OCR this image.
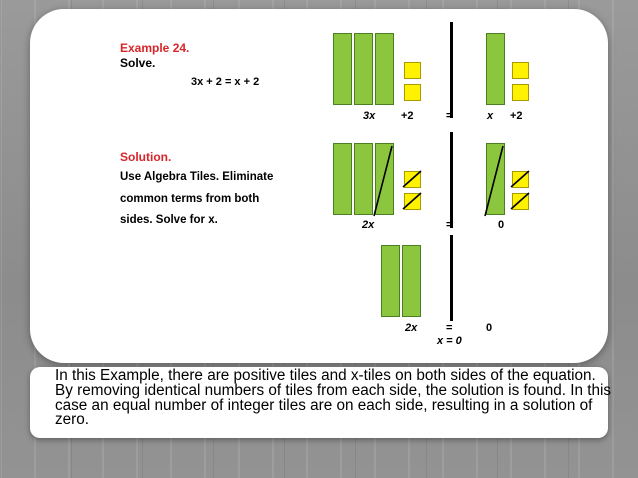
Example 24.
Solve.
3x + 2 = x + 2
Solution.
Use Algebra Tiles. Eliminate
common terms from both
sides. Solve for x.
3x +2	=	x +2
2x	=	0
2x	=	0
x = 0
In this Example, there are positive tiles and x-tiles on both sides of the equation. By removing identical numbers of tiles from each side, the solution is found. In this case an equal number of integer tiles are on each side, resulting in a solution of zero.
